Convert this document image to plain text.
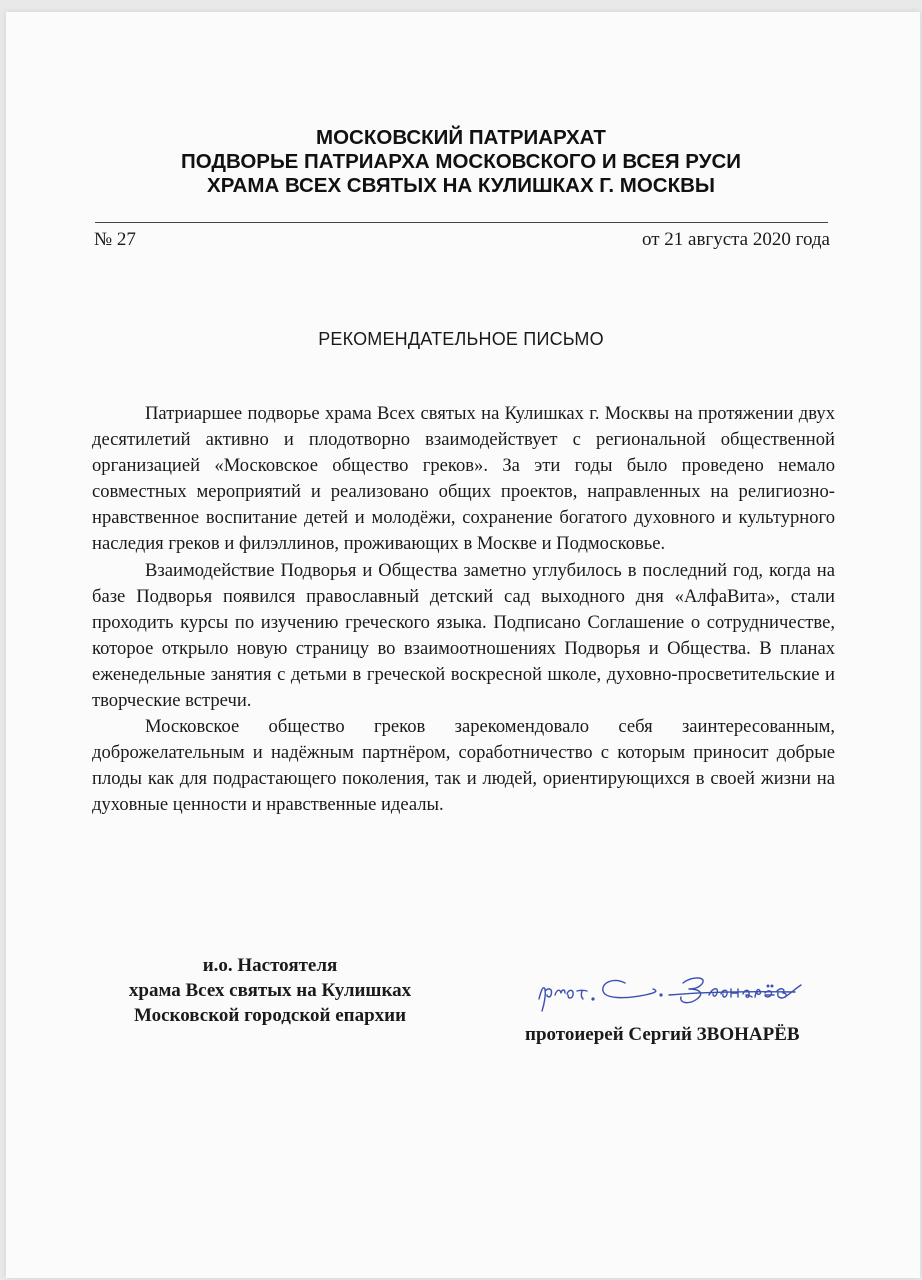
МОСКОВСКИЙ ПАТРИАРХАТ
ПОДВОРЬЕ ПАТРИАРХА МОСКОВСКОГО И ВСЕЯ РУСИ
ХРАМА ВСЕХ СВЯТЫХ НА КУЛИШКАХ Г. МОСКВЫ
№ 27	от 21 августа 2020 года
РЕКОМЕНДАТЕЛЬНОЕ ПИСЬМО

Патриаршее подворье храма Всех святых на Кулишках г. Москвы на протяжении двух десятилетий активно и плодотворно взаимодействует с региональной общественной организацией «Московское общество греков». За эти годы было проведено немало совместных мероприятий и реализовано общих проектов, направленных на религиозно-нравственное воспитание детей и молодёжи, сохранение богатого духовного и культурного наследия греков и филэллинов, проживающих в Москве и Подмосковье.

Взаимодействие Подворья и Общества заметно углубилось в последний год, когда на базе Подворья появился православный детский сад выходного дня «АлфаВита», стали проходить курсы по изучению греческого языка. Подписано Соглашение о сотрудничестве, которое открыло новую страницу во взаимоотношениях Подворья и Общества. В планах еженедельные занятия с детьми в греческой воскресной школе, духовно-просветительские и творческие встречи.

Московское общество греков зарекомендовало себя заинтересованным, доброжелательным и надёжным партнёром, соработничество с которым приносит добрые плоды как для подрастающего поколения, так и людей, ориентирующихся в своей жизни на духовные ценности и нравственные идеалы.

и.о. Настоятеля
храма Всех святых на Кулишках
Московской городской епархии
протоиерей Сергий ЗВОНАРЁВ
